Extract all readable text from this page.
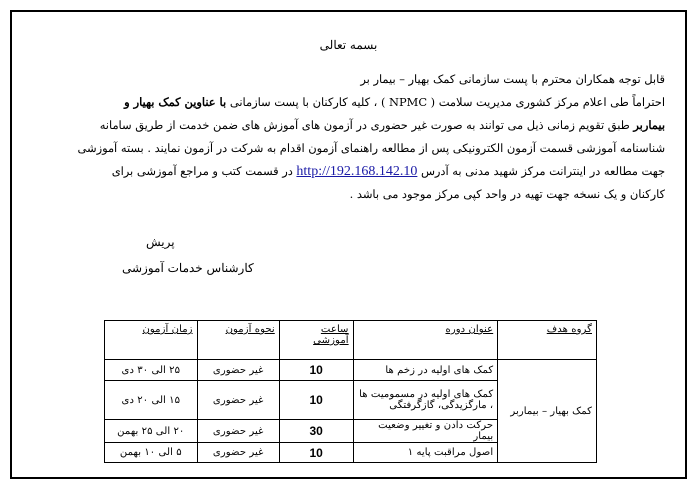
بسمه تعالی
قابل توجه همکاران محترم با پست سازمانی کمک بهیار – بیمار بر
احتراماً طی اعلام مرکز کشوری مدیریت سلامت ( NPMC ) ، کلیه کارکنان با پست سازمانی با عناوین کمک بهیار و
بیماربر طبق تقویم زمانی ذیل می توانند به صورت غیر حضوری در آزمون های آموزش های ضمن خدمت از طریق سامانه
شناسنامه آموزشی قسمت آزمون الکترونیکی پس از مطالعه راهنمای آزمون اقدام به شرکت در آزمون نمایند . بسته آموزشی
جهت مطالعه در اینترانت مرکز شهید مدنی به آدرس http://192.168.142.10 در قسمت کتب و مراجع آموزشی برای
کارکنان و یک نسخه جهت تهیه در واحد کپی مرکز موجود می باشد .
پریش
کارشناس خدمات آموزشی
گروه هدف	عنوان دوره	ساعت آموزشی	نحوه آزمون	زمان آزمون
کمک بهیار – بیماربر	کمک های اولیه در زخم ها	10	غیر حضوری	۲۵ الی ۳۰ دی
	کمک های اولیه در مسمومیت ها ، مارگزیدگی، گازگرفتگی	10	غیر حضوری	۱۵ الی ۲۰ دی
	حرکت دادن و تغییر وضعیت بیمار	30	غیر حضوری	۲۰ الی ۲۵ بهمن
	اصول مراقبت پایه ۱	10	غیر حضوری	۵ الی ۱۰ بهمن
